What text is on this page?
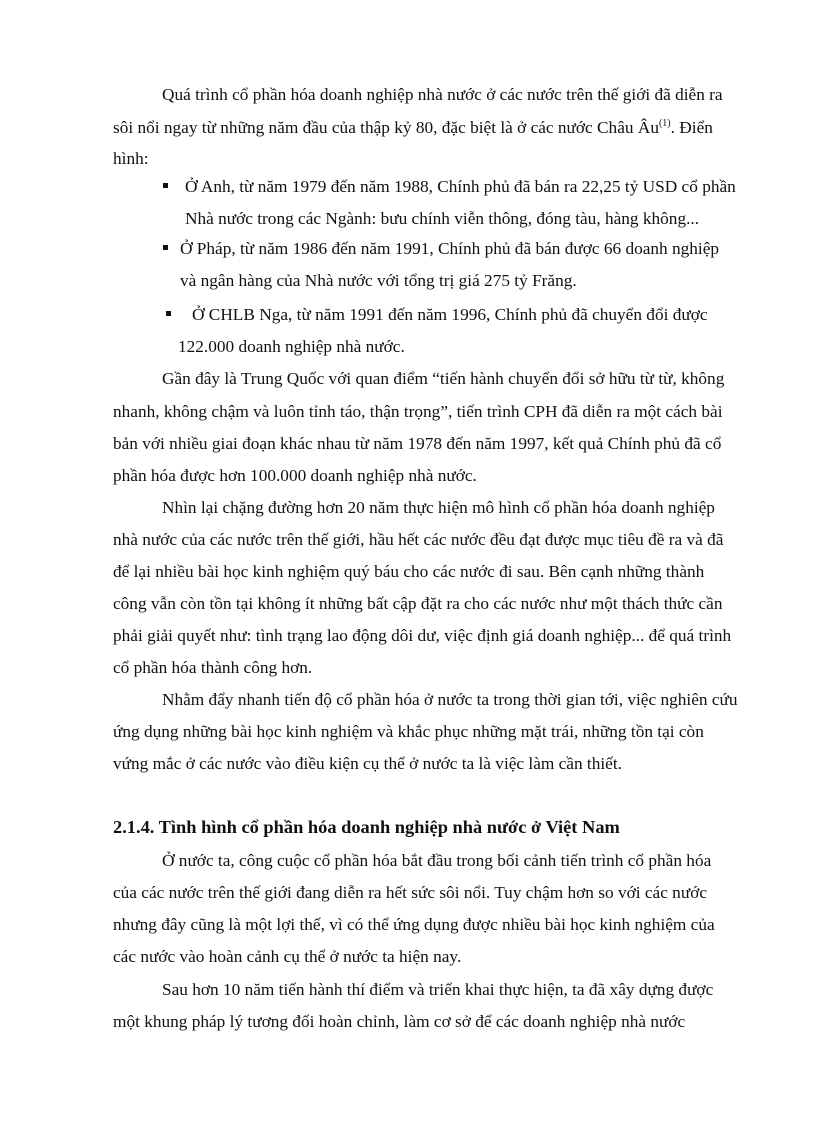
Quá trình cổ phần hóa doanh nghiệp nhà nước ở các nước trên thế giới đã diễn ra

sôi nổi ngay từ những năm đầu của thập kỷ 80, đặc biệt là ở các nước Châu $Âu^{(1)}$. Điển

hình:

Ở Anh, từ năm 1979 đến năm 1988, Chính phủ đã bán ra 22,25 tỷ USD cổ phần

Nhà nước trong các Ngành: bưu chính viễn thông, đóng tàu, hàng không...

Ở Pháp, từ năm 1986 đến năm 1991, Chính phủ đã bán được 66 doanh nghiệp

và ngân hàng của Nhà nước với tổng trị giá 275 tỷ Frăng.

Ở CHLB Nga, từ năm 1991 đến năm 1996, Chính phủ đã chuyển đổi được

122.000 doanh nghiệp nhà nước.

Gần đây là Trung Quốc với quan điểm “tiến hành chuyển đổi sở hữu từ từ, không

nhanh, không chậm và luôn tỉnh táo, thận trọng”, tiến trình CPH đã diễn ra một cách bài

bản với nhiều giai đoạn khác nhau từ năm 1978 đến năm 1997, kết quả Chính phủ đã cổ

phần hóa được hơn 100.000 doanh nghiệp nhà nước.

Nhìn lại chặng đường hơn 20 năm thực hiện mô hình cổ phần hóa doanh nghiệp

nhà nước của các nước trên thế giới, hầu hết các nước đều đạt được mục tiêu đề ra và đã

để lại nhiều bài học kinh nghiệm quý báu cho các nước đi sau. Bên cạnh những thành

công vẫn còn tồn tại không ít những bất cập đặt ra cho các nước như một thách thức cần

phải giải quyết như: tình trạng lao động dôi dư, việc định giá doanh nghiệp... để quá trình

cổ phần hóa thành công hơn.

Nhằm đẩy nhanh tiến độ cổ phần hóa ở nước ta trong thời gian tới, việc nghiên cứu

ứng dụng những bài học kinh nghiệm và khắc phục những mặt trái, những tồn tại còn

vứng mắc ở các nước vào điều kiện cụ thể ở nước ta là việc làm cần thiết.

2.1.4. Tình hình cổ phần hóa doanh nghiệp nhà nước ở Việt Nam

Ở nước ta, công cuộc cổ phần hóa bắt đầu trong bối cảnh tiến trình cổ phần hóa

của các nước trên thế giới đang diễn ra hết sức sôi nổi. Tuy chậm hơn so với các nước

nhưng đây cũng là một lợi thế, vì có thể ứng dụng được nhiều bài học kinh nghiệm của

các nước vào hoàn cảnh cụ thể ở nước ta hiện nay.

Sau hơn 10 năm tiến hành thí điểm và triển khai thực hiện, ta đã xây dựng được

một khung pháp lý tương đối hoàn chỉnh, làm cơ sở để các doanh nghiệp nhà nước
